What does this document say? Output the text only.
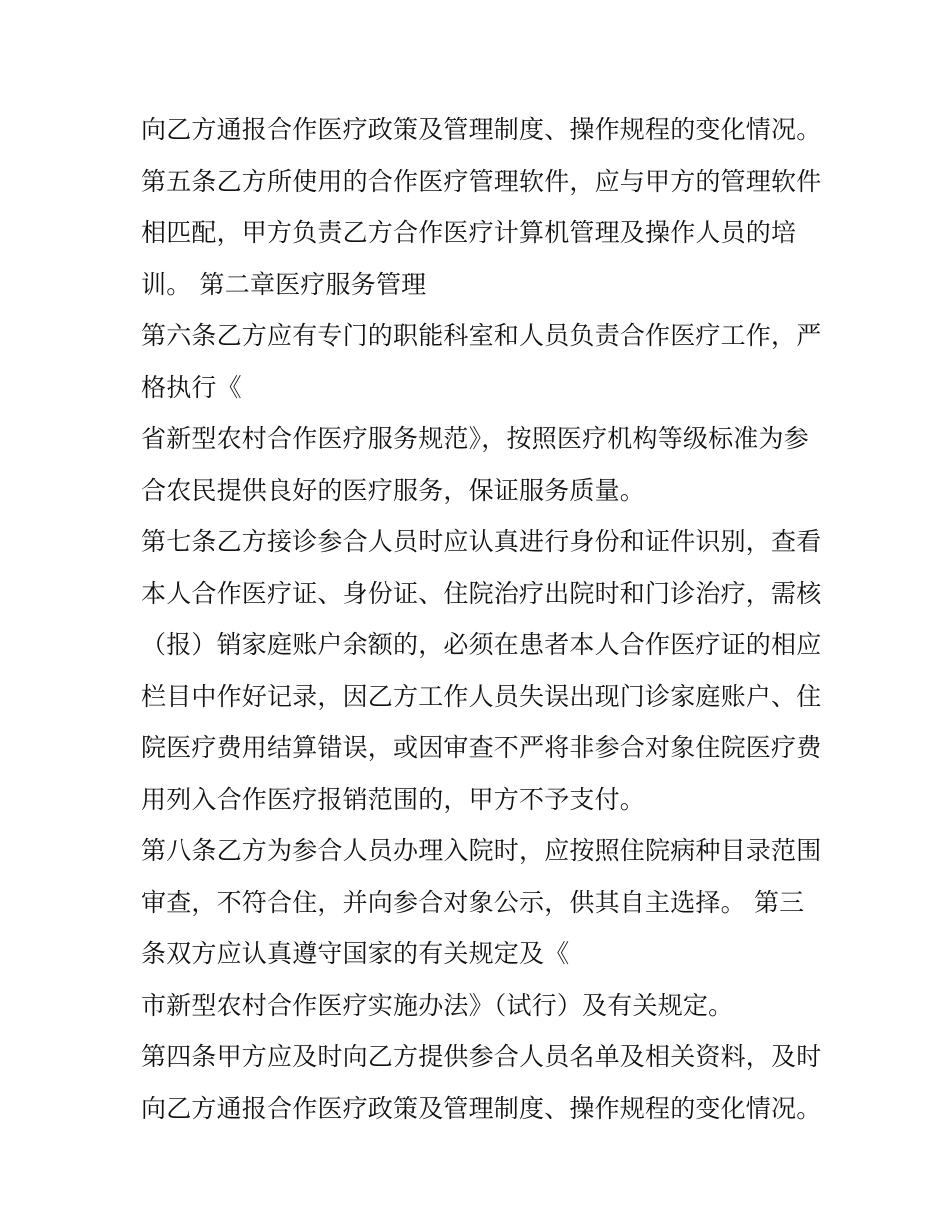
向乙方通报合作医疗政策及管理制度、操作规程的变化情况。
第五条乙方所使用的合作医疗管理软件，应与甲方的管理软件
相匹配，甲方负责乙方合作医疗计算机管理及操作人员的培
训。 第二章医疗服务管理
第六条乙方应有专门的职能科室和人员负责合作医疗工作，严
格执行《
省新型农村合作医疗服务规范》，按照医疗机构等级标准为参
合农民提供良好的医疗服务，保证服务质量。
第七条乙方接诊参合人员时应认真进行身份和证件识别，查看
本人合作医疗证、身份证、住院治疗出院时和门诊治疗，需核
（报）销家庭账户余额的，必须在患者本人合作医疗证的相应
栏目中作好记录，因乙方工作人员失误出现门诊家庭账户、住
院医疗费用结算错误，或因审查不严将非参合对象住院医疗费
用列入合作医疗报销范围的，甲方不予支付。
第八条乙方为参合人员办理入院时，应按照住院病种目录范围
审查，不符合住，并向参合对象公示，供其自主选择。 第三
条双方应认真遵守国家的有关规定及《
市新型农村合作医疗实施办法》（试行）及有关规定。
第四条甲方应及时向乙方提供参合人员名单及相关资料，及时
向乙方通报合作医疗政策及管理制度、操作规程的变化情况。
